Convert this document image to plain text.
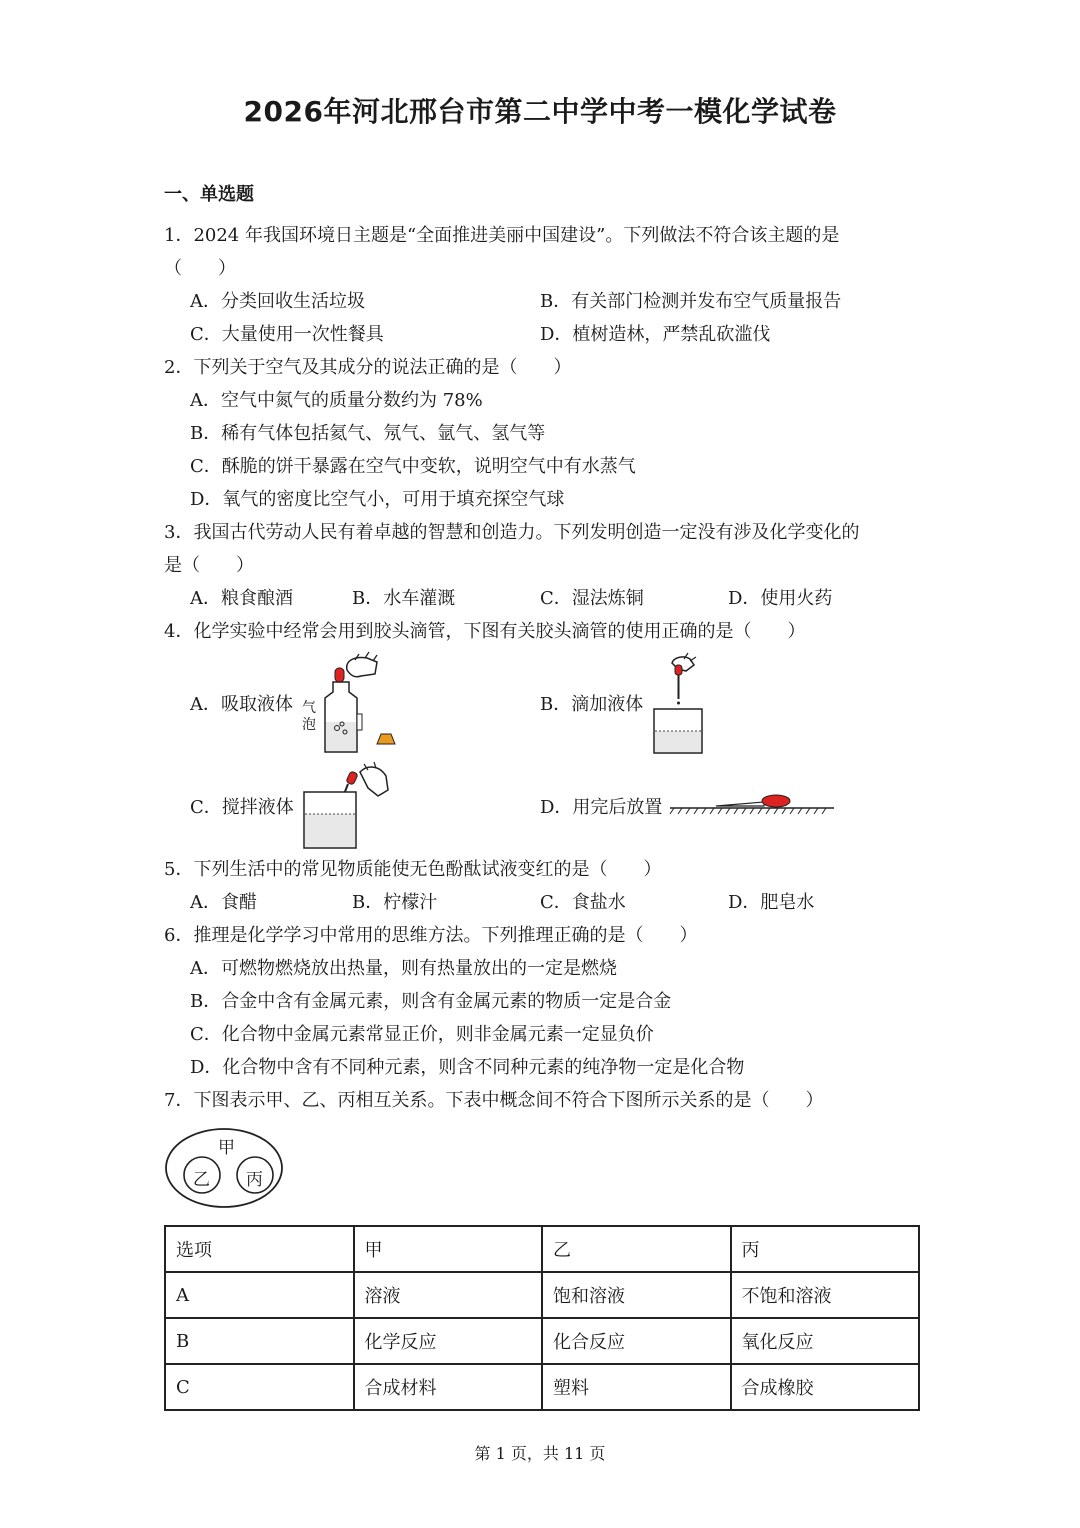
2026年河北邢台市第二中学中考一模化学试卷
一、单选题
1．2024 年我国环境日主题是“全面推进美丽中国建设”。下列做法不符合该主题的是
（　　）
A．分类回收生活垃圾	B．有关部门检测并发布空气质量报告
C．大量使用一次性餐具	D．植树造林，严禁乱砍滥伐
2．下列关于空气及其成分的说法正确的是（　　）
A．空气中氮气的质量分数约为 78%
B．稀有气体包括氦气、氖气、氩气、氢气等
C．酥脆的饼干暴露在空气中变软，说明空气中有水蒸气
D．氧气的密度比空气小，可用于填充探空气球
3．我国古代劳动人民有着卓越的智慧和创造力。下列发明创造一定没有涉及化学变化的
是（　　）
A．粮食酿酒	B．水车灌溉	C．湿法炼铜	D．使用火药
4．化学实验中经常会用到胶头滴管，下图有关胶头滴管的使用正确的是（　　）
A．吸取液体	B．滴加液体
C．搅拌液体	D．用完后放置
气
泡
5．下列生活中的常见物质能使无色酚酞试液变红的是（　　）
A．食醋	B．柠檬汁	C．食盐水	D．肥皂水
6．推理是化学学习中常用的思维方法。下列推理正确的是（　　）
A．可燃物燃烧放出热量，则有热量放出的一定是燃烧
B．合金中含有金属元素，则含有金属元素的物质一定是合金
C．化合物中金属元素常显正价，则非金属元素一定显负价
D．化合物中含有不同种元素，则含不同种元素的纯净物一定是化合物
7．下图表示甲、乙、丙相互关系。下表中概念间不符合下图所示关系的是（　　）
甲
乙 丙
选项	甲	乙	丙
A	溶液	饱和溶液	不饱和溶液
B	化学反应	化合反应	氧化反应
C	合成材料	塑料	合成橡胶
第 1 页，共 11 页
